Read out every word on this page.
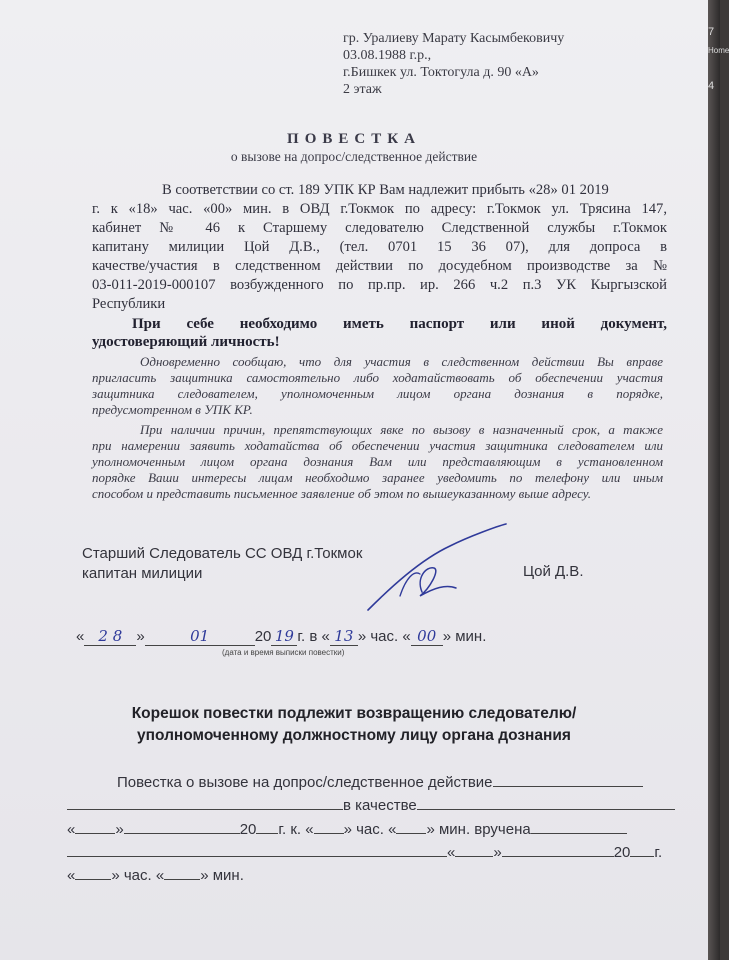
гр. Уралиеву Марату Касымбековичу
03.08.1988 г.р.,
г.Бишкек ул. Токтогула д. 90 «А»
2 этаж
ПОВЕСТКА
о вызове на допрос/следственное действие
В соответствии со ст. 189 УПК КР Вам надлежит прибыть «28» 01 2019
г. к «18» час. «00» мин. в ОВД г.Токмок по адресу: г.Токмок ул. Трясина 147,
кабинет № 46 к Старшему следователю Следственной службы г.Токмок
капитану милиции Цой Д.В., (тел. 0701 15 36 07), для допроса в
качестве/участия в следственном действии по досудебном производстве за №
03-011-2019-000107 возбужденного по пр.пр. ир. 266 ч.2 п.3 УК Кыргызской
Республики
При себе необходимо иметь паспорт или иной документ,
удостоверяющий личность!
Одновременно сообщаю, что для участия в следственном действии Вы вправе
пригласить защитника самостоятельно либо ходатайствовать об обеспечении участия
защитника следователем, уполномоченным лицом органа дознания в порядке,
предусмотренном в УПК КР.
При наличии причин, препятствующих явке по вызову в назначенный срок, а также
при намерении заявить ходатайства об обеспечении участия защитника следователем или
уполномоченным лицом органа дознания Вам или представляющим в установленном
порядке Ваши интересы лицам необходимо заранее уведомить по телефону или иным
способом и представить письменное заявление об этом по вышеуказанному выше адресу.
Старший Следователь СС ОВД г.Токмок
капитан милиции	Цой Д.В.
« 2 8 »	01	20 19 г. в « 13 » час. « 00 » мин.
(дата и время выписки повестки)
Корешок повестки подлежит возвращению следователю/
уполномоченному должностному лицу органа дознания
Повестка о вызове на допрос/следственное действие
в качестве
«	»	20 г. к. « » час. « » мин. вручена
«	»	20 г.
« » час. « » мин.
7
Home
4
